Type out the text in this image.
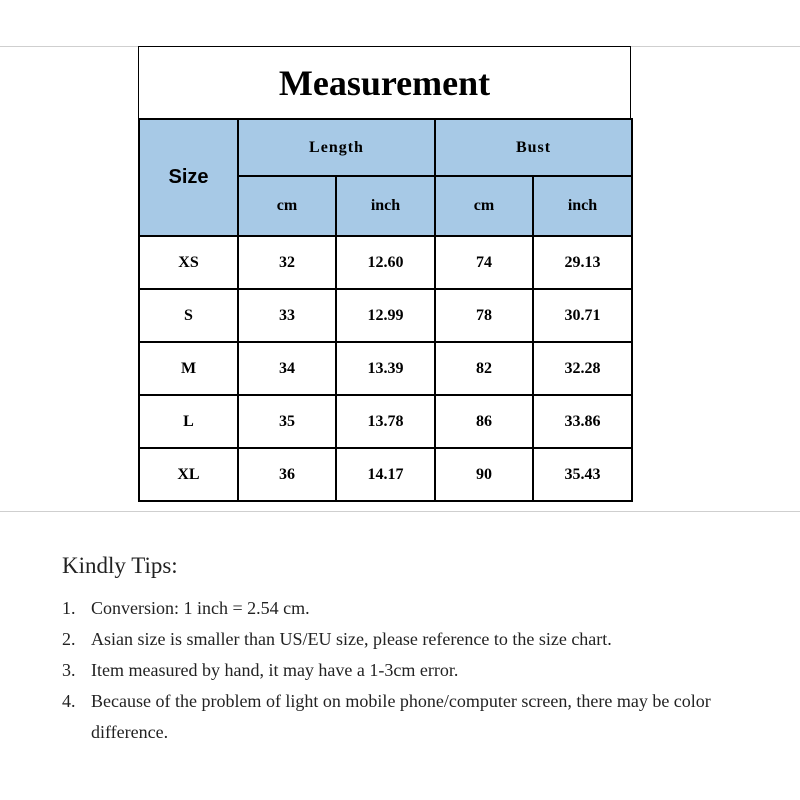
Measurement
Size	Length		Bust	
	cm	inch	cm	inch
XS	32	12.60	74	29.13
S	33	12.99	78	30.71
M	34	13.39	82	32.28
L	35	13.78	86	33.86
XL	36	14.17	90	35.43
Kindly Tips:
1. Conversion: 1 inch = 2.54 cm.
2. Asian size is smaller than US/EU size, please reference to the size chart.
3. Item measured by hand, it may have a 1-3cm error.
4. Because of the problem of light on mobile phone/computer screen, there may be color difference.
